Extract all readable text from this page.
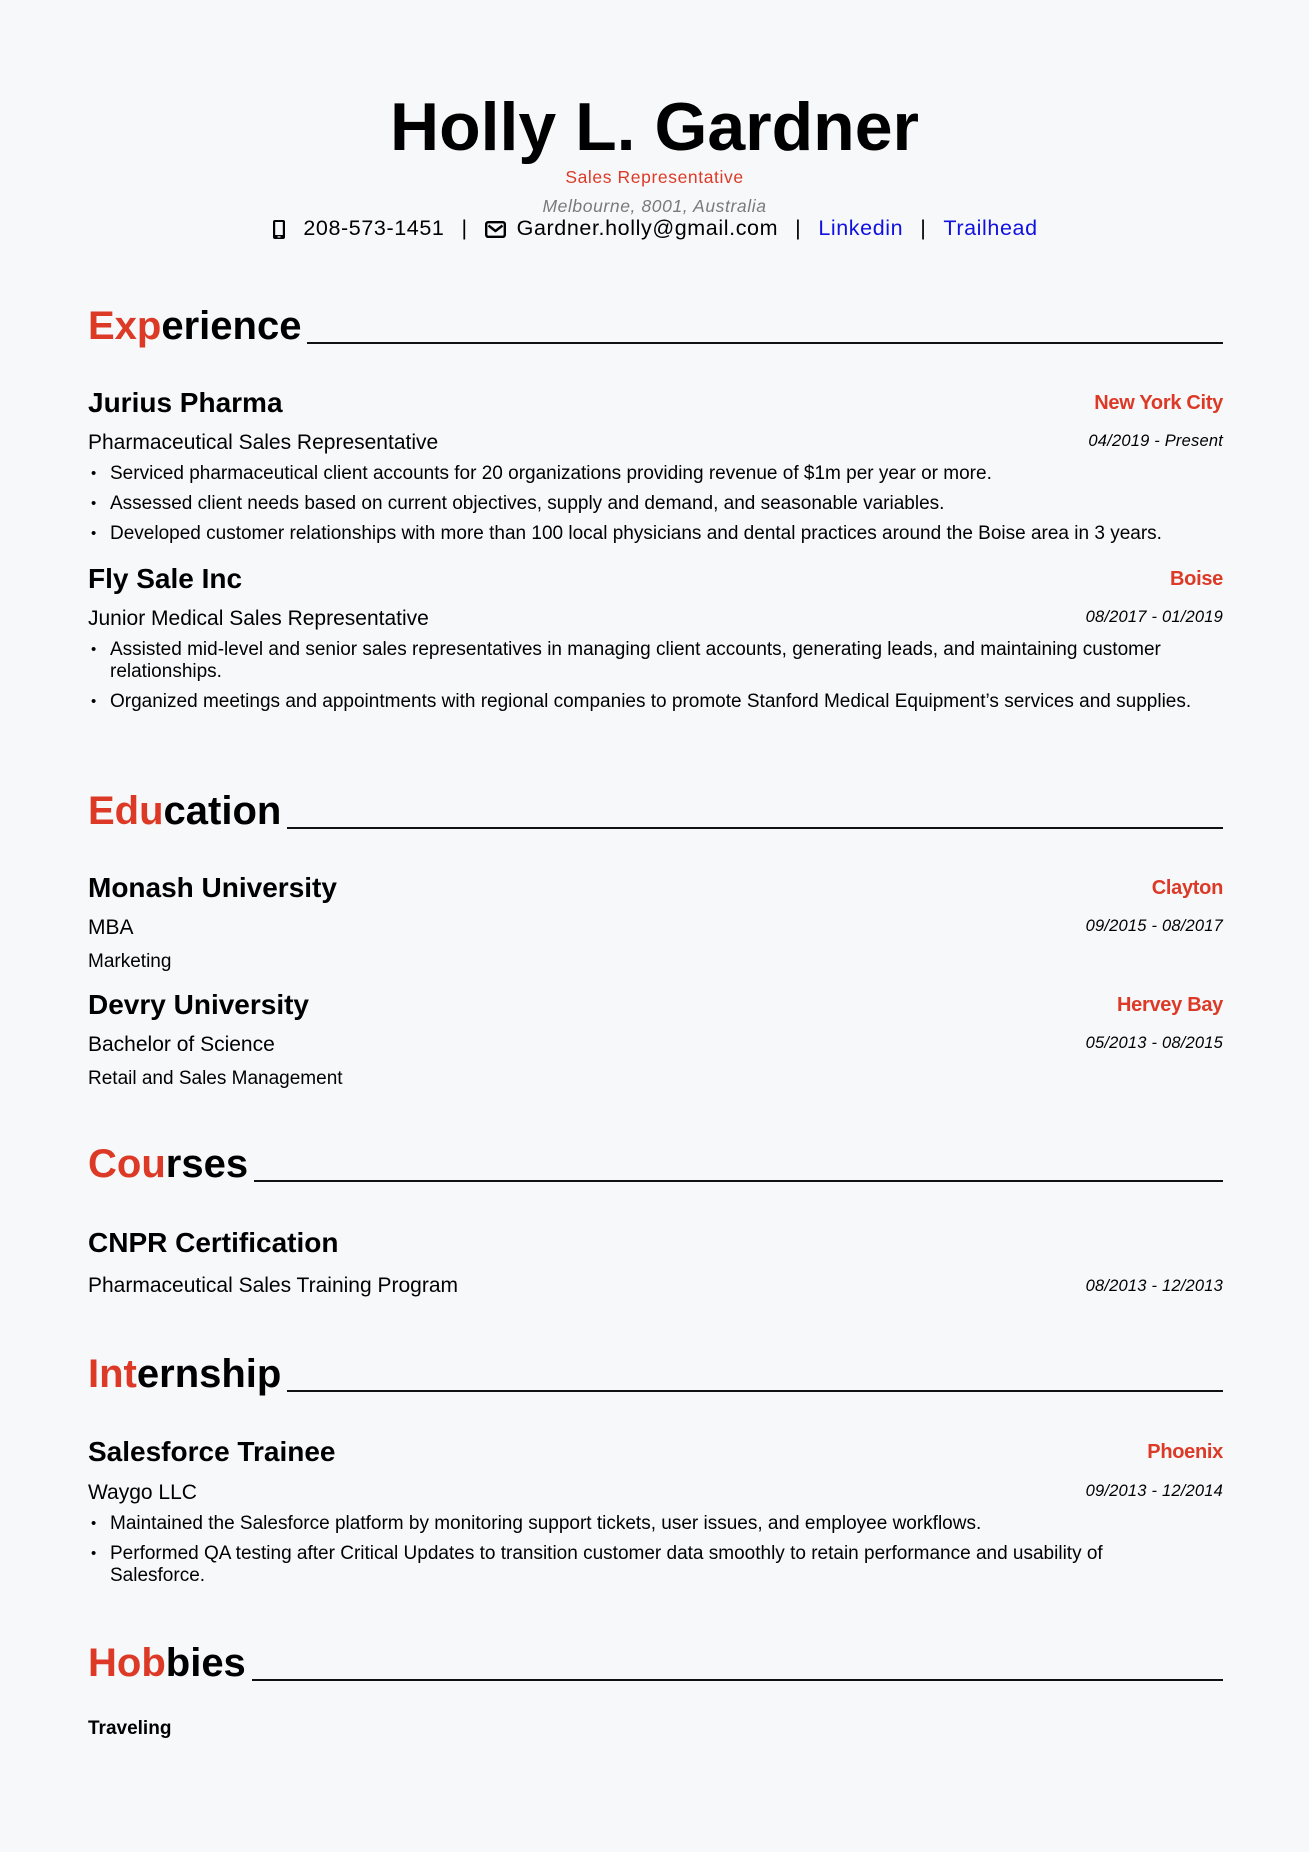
Holly L. Gardner
Sales Representative
Melbourne, 8001, Australia
208-573-1451 | Gardner.holly@gmail.com | Linkedin | Trailhead
Exp erience
Jurius Pharma	New York City
Pharmaceutical Sales Representative	04/2019 - Present
• Serviced pharmaceutical client accounts for 20 organizations providing revenue of $1m per year or more.
• Assessed client needs based on current objectives, supply and demand, and seasonable variables.
• Developed customer relationships with more than 100 local physicians and dental practices around the Boise area in 3 years.
Fly Sale Inc	Boise
Junior Medical Sales Representative	08/2017 - 01/2019
• Assisted mid-level and senior sales representatives in managing client accounts, generating leads, and maintaining customer relationships.
• Organized meetings and appointments with regional companies to promote Stanford Medical Equipment’s services and supplies.
Edu cation
Monash University	Clayton
MBA	09/2015 - 08/2017
Marketing
Devry University	Hervey Bay
Bachelor of Science	05/2013 - 08/2015
Retail and Sales Management
Cou rses
CNPR Certification
Pharmaceutical Sales Training Program	08/2013 - 12/2013
Int ernship
Salesforce Trainee	Phoenix
Waygo LLC	09/2013 - 12/2014
• Maintained the Salesforce platform by monitoring support tickets, user issues, and employee workflows.
• Performed QA testing after Critical Updates to transition customer data smoothly to retain performance and usability of Salesforce.
Hob bies
Traveling
